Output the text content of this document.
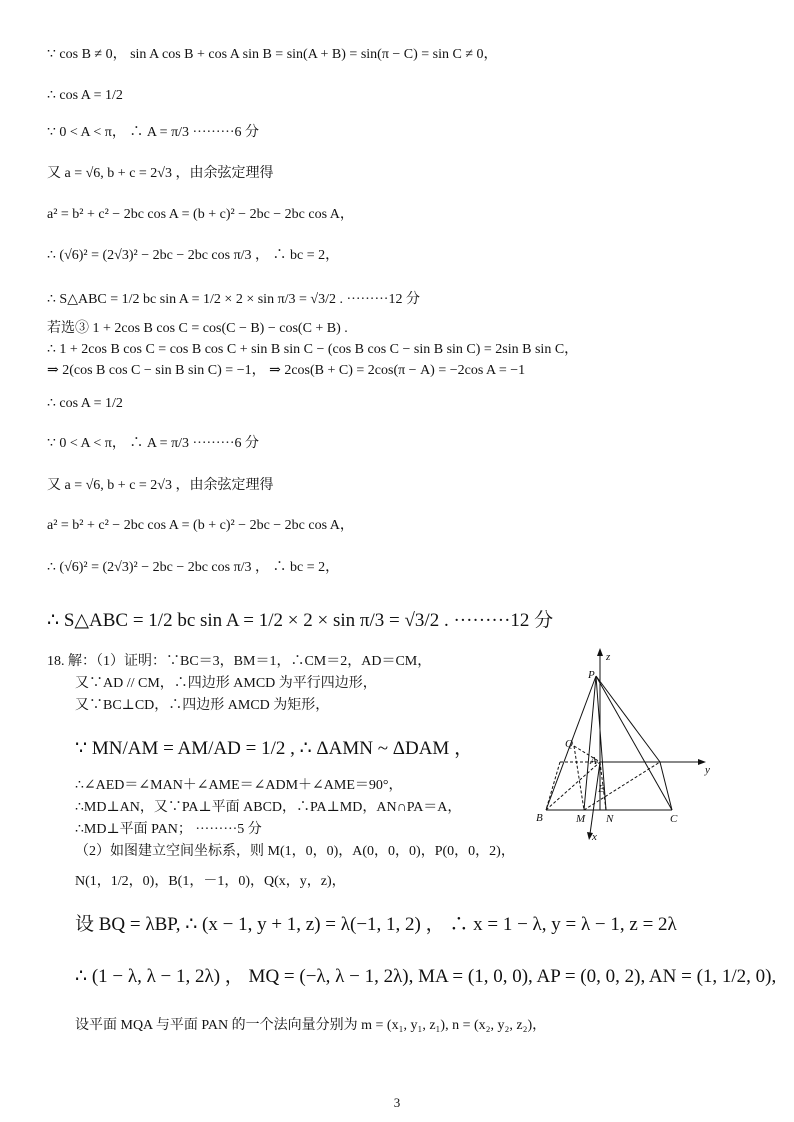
∵ cos B ≠ 0， sin A cos B + cos A sin B = sin(A + B) = sin(π − C) = sin C ≠ 0，
∴ cos A = 1/2
∵ 0 < A < π， ∴ A = π/3 ·········6 分
又 a = √6, b + c = 2√3 ，由余弦定理得
a² = b² + c² − 2bc cos A = (b + c)² − 2bc − 2bc cos A，
∴ (√6)² = (2√3)² − 2bc − 2bc cos π/3 ， ∴ bc = 2，
∴ S△ABC = 1/2 bc sin A = 1/2 × 2 × sin π/3 = √3/2 . ·········12 分
若选③ 1 + 2cos B cos C = cos(C − B) − cos(C + B) .
∴ 1 + 2cos B cos C = cos B cos C + sin B sin C − (cos B cos C − sin B sin C) = 2sin B sin C，
⇒ 2(cos B cos C − sin B sin C) = −1， ⇒ 2cos(B + C) = 2cos(π − A) = −2cos A = −1
∴ cos A = 1/2
∵ 0 < A < π， ∴ A = π/3 ·········6 分
又 a = √6, b + c = 2√3 ，由余弦定理得
a² = b² + c² − 2bc cos A = (b + c)² − 2bc − 2bc cos A，
∴ (√6)² = (2√3)² − 2bc − 2bc cos π/3 ， ∴ bc = 2，
∴ S△ABC = 1/2 bc sin A = 1/2 × 2 × sin π/3 = √3/2 . ·········12 分
18. 解：（1）证明：∵BC＝3，BM＝1，∴CM＝2，AD＝CM，
又∵AD // CM，∴四边形 AMCD 为平行四边形，
又∵BC⊥CD，∴四边形 AMCD 为矩形，
∵ MN/AM = AM/AD = 1/2 , ∴ ΔAMN ~ ΔDAM ，
∴∠AED＝∠MAN＋∠AME＝∠ADM＋∠AME＝90°，
∴MD⊥AN，又∵PA⊥平面 ABCD，∴PA⊥MD，AN∩PA＝A，
∴MD⊥平面 PAN； ·········5 分
（2）如图建立空间坐标系，则 M(1，0，0)，A(0，0，0)，P(0，0，2)，
N(1，1/2，0)，B(1，－1，0)，Q(x，y，z)，
设 BQ = λBP, ∴ (x − 1, y + 1, z) = λ(−1, 1, 2) ， ∴ x = 1 − λ, y = λ − 1, z = 2λ
∴ (1 − λ, λ − 1, 2λ) ， MQ = (−λ, λ − 1, 2λ), MA = (1, 0, 0), AP = (0, 0, 2), AN = (1, 1/2, 0),
设平面 MQA 与平面 PAN 的一个法向量分别为 m = (x₁, y₁, z₁), n = (x₂, y₂, z₂)，
z
y
x
P
Q
A
E
B	M N	C
3
